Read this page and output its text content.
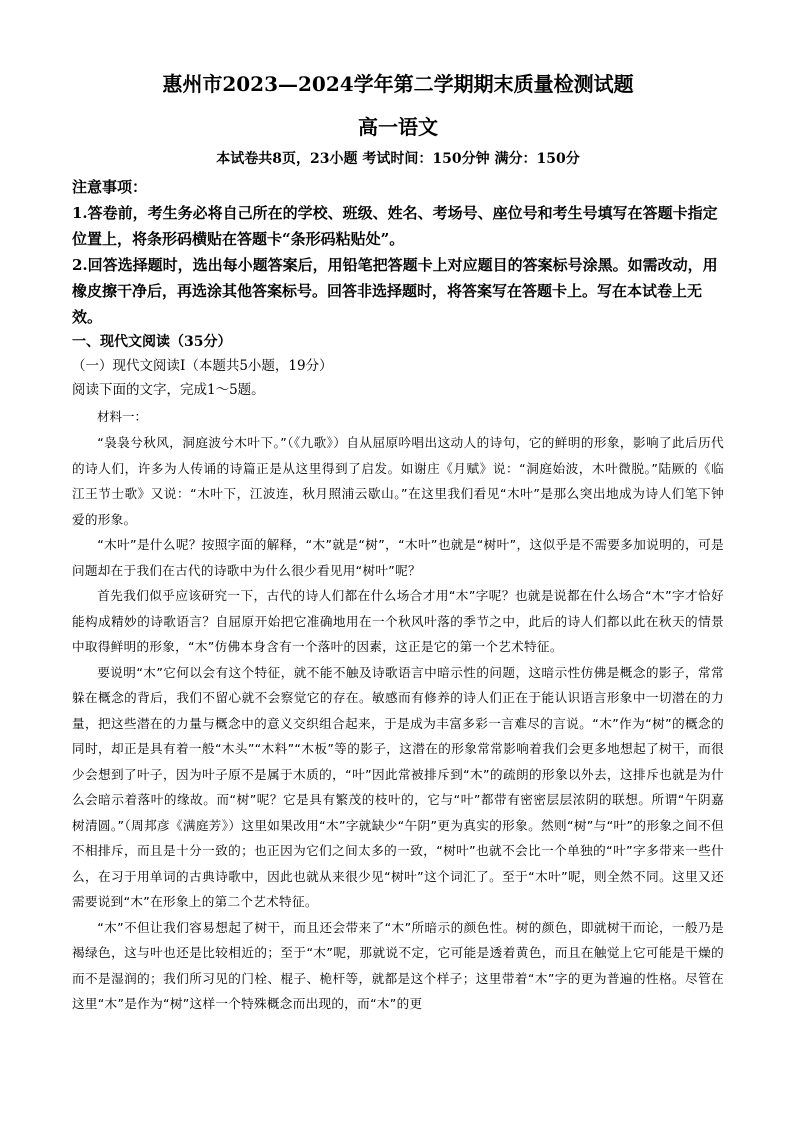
惠州市2023—2024学年第二学期期末质量检测试题
高一语文

本试卷共8页，23小题 考试时间：150分钟 满分：150分

注意事项：

1.答卷前，考生务必将自己所在的学校、班级、姓名、考场号、座位号和考生号填写在答题卡指定位置上，将条形码横贴在答题卡“条形码粘贴处”。

2.回答选择题时，选出每小题答案后，用铅笔把答题卡上对应题目的答案标号涂黑。如需改动，用橡皮擦干净后，再选涂其他答案标号。回答非选择题时，将答案写在答题卡上。写在本试卷上无效。

一、现代文阅读（35分）

（一）现代文阅读Ⅰ（本题共5小题，19分）

阅读下面的文字，完成1～5题。

材料一：

“袅袅兮秋风，洞庭波兮木叶下。”（《九歌》）自从屈原吟唱出这动人的诗句，它的鲜明的形象，影响了此后历代的诗人们，许多为人传诵的诗篇正是从这里得到了启发。如谢庄《月赋》说：“洞庭始波，木叶微脱。”陆厥的《临江王节士歌》又说：“木叶下，江波连，秋月照浦云歇山。”在这里我们看见“木叶”是那么突出地成为诗人们笔下钟爱的形象。

“木叶”是什么呢？按照字面的解释，“木”就是“树”，“木叶”也就是“树叶”，这似乎是不需要多加说明的，可是问题却在于我们在古代的诗歌中为什么很少看见用“树叶”呢？

首先我们似乎应该研究一下，古代的诗人们都在什么场合才用“木”字呢？也就是说都在什么场合“木”字才恰好能构成精妙的诗歌语言？自屈原开始把它准确地用在一个秋风叶落的季节之中，此后的诗人们都以此在秋天的情景中取得鲜明的形象，“木”仿佛本身含有一个落叶的因素，这正是它的第一个艺术特征。

要说明“木”它何以会有这个特征，就不能不触及诗歌语言中暗示性的问题，这暗示性仿佛是概念的影子，常常躲在概念的背后，我们不留心就不会察觉它的存在。敏感而有修养的诗人们正在于能认识语言形象中一切潜在的力量，把这些潜在的力量与概念中的意义交织组合起来，于是成为丰富多彩一言难尽的言说。“木”作为“树”的概念的同时，却正是具有着一般“木头”“木料”“木板”等的影子，这潜在的形象常常影响着我们会更多地想起了树干，而很少会想到了叶子，因为叶子原不是属于木质的，“叶”因此常被排斥到“木”的疏朗的形象以外去，这排斥也就是为什么会暗示着落叶的缘故。而“树”呢？它是具有繁茂的枝叶的，它与“叶”都带有密密层层浓阴的联想。所谓“午阴嘉树清圆。”（周邦彦《满庭芳》）这里如果改用“木”字就缺少“午阴”更为真实的形象。然则“树”与“叶”的形象之间不但不相排斥，而且是十分一致的；也正因为它们之间太多的一致，“树叶”也就不会比一个单独的“叶”字多带来一些什么，在习于用单词的古典诗歌中，因此也就从来很少见“树叶”这个词汇了。至于“木叶”呢，则全然不同。这里又还需要说到“木”在形象上的第二个艺术特征。

“木”不但让我们容易想起了树干，而且还会带来了“木”所暗示的颜色性。树的颜色，即就树干而论，一般乃是褐绿色，这与叶也还是比较相近的；至于“木”呢，那就说不定，它可能是透着黄色，而且在触觉上它可能是干燥的而不是湿润的；我们所习见的门栓、棍子、桅杆等，就都是这个样子；这里带着“木”字的更为普遍的性格。尽管在这里“木”是作为“树”这样一个特殊概念而出现的，而“木”的更
